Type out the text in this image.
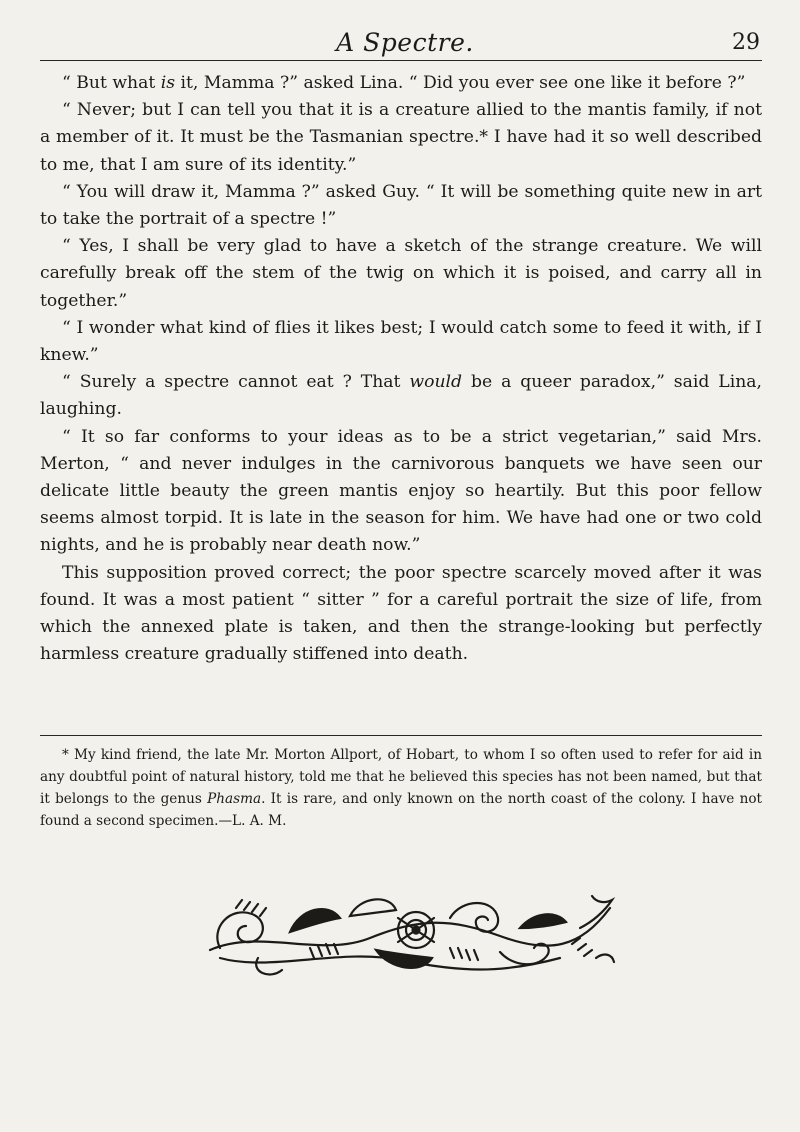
A Spectre.	29

“ But what is it, Mamma ?” asked Lina. “ Did you ever see one like it before ?”

“ Never; but I can tell you that it is a creature allied to the mantis family, if not a member of it. It must be the Tasmanian spectre.* I have had it so well described to me, that I am sure of its identity.”

“ You will draw it, Mamma ?” asked Guy. “ It will be something quite new in art to take the portrait of a spectre !”

“ Yes, I shall be very glad to have a sketch of the strange creature. We will carefully break off the stem of the twig on which it is poised, and carry all in together.”

“ I wonder what kind of flies it likes best; I would catch some to feed it with, if I knew.”

“ Surely a spectre cannot eat ? That would be a queer paradox,” said Lina, laughing.

“ It so far conforms to your ideas as to be a strict vegetarian,” said Mrs. Merton, “ and never indulges in the carnivorous banquets we have seen our delicate little beauty the green mantis enjoy so heartily. But this poor fellow seems almost torpid. It is late in the season for him. We have had one or two cold nights, and he is probably near death now.”

This supposition proved correct; the poor spectre scarcely moved after it was found. It was a most patient “ sitter ” for a careful portrait the size of life, from which the annexed plate is taken, and then the strange-looking but perfectly harmless creature gradually stiffened into death.

* My kind friend, the late Mr. Morton Allport, of Hobart, to whom I so often used to refer for aid in any doubtful point of natural history, told me that he believed this species has not been named, but that it belongs to the genus Phasma. It is rare, and only known on the north coast of the colony. I have not found a second specimen.—L. A. M.
